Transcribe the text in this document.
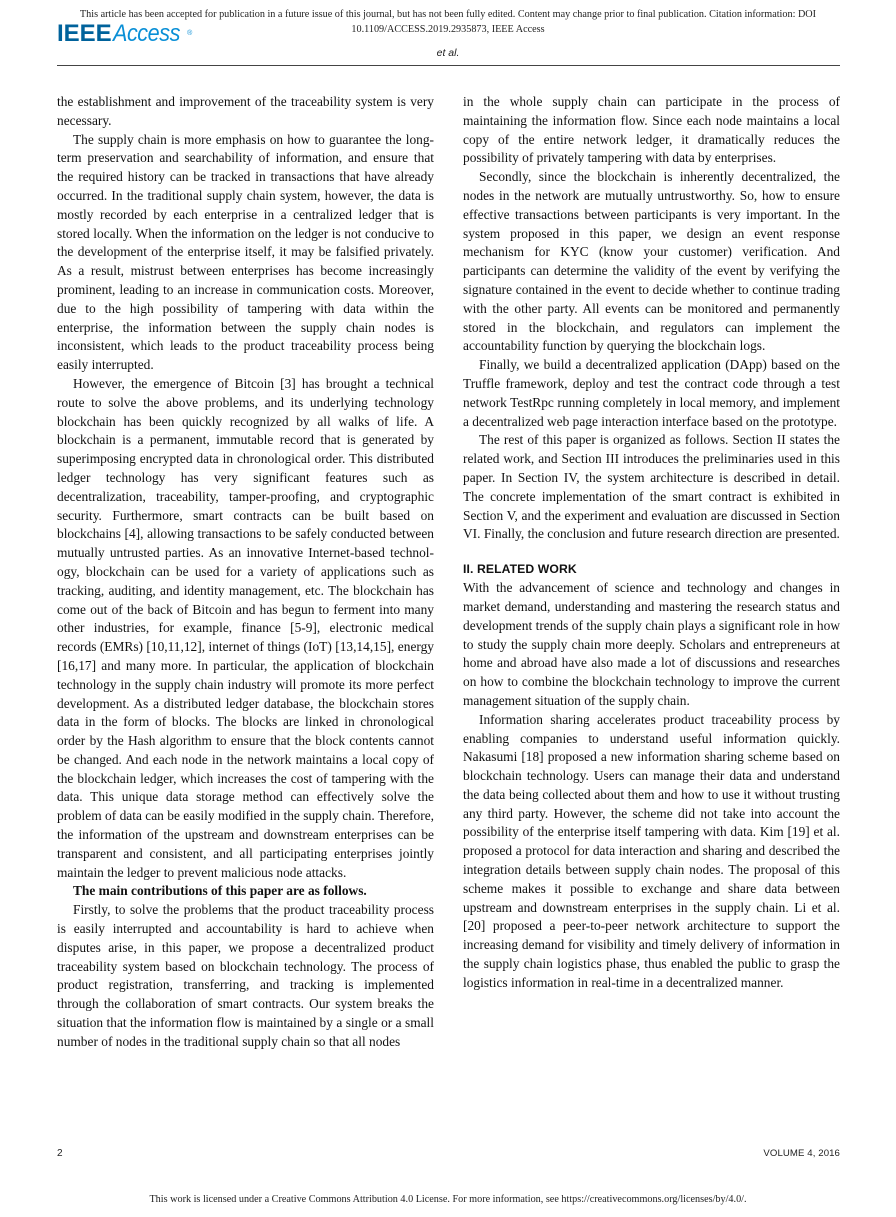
This article has been accepted for publication in a future issue of this journal, but has not been fully edited. Content may change prior to final publication. Citation information: DOI
10.1109/ACCESS.2019.2935873, IEEE Access
IEEEAccess ®
et al.

the establishment and improvement of the traceability system is very necessary.

The supply chain is more emphasis on how to guarantee the long-term preservation and searchability of information, and ensure that the required history can be tracked in transactions that have already occurred. In the traditional supply chain system, however, the data is mostly recorded by each enterprise in a centralized ledger that is stored locally. When the information on the ledger is not conducive to the development of the enterprise itself, it may be falsified privately. As a result, mistrust between enterprises has become increasingly prominent, leading to an increase in communication costs. Moreover, due to the high possibility of tampering with data within the enterprise, the information between the supply chain nodes is inconsistent, which leads to the product traceability process being easily interrupted.

However, the emergence of Bitcoin [3] has brought a technical route to solve the above problems, and its underlying technology blockchain has been quickly recognized by all walks of life. A blockchain is a permanent, immutable record that is generated by superimposing encrypted data in chronological order. This distributed ledger technology has very significant features such as decentralization, traceability, tamper-proofing, and cryptographic security. Furthermore, smart contracts can be built based on blockchains [4], allowing transactions to be safely conducted between mutually untrusted parties. As an innovative Internet-based technology, blockchain can be used for a variety of applications such as tracking, auditing, and identity management, etc. The blockchain has come out of the back of Bitcoin and has begun to ferment into many other industries, for example, finance [5-9], electronic medical records (EMRs) [10,11,12], internet of things (IoT) [13,14,15], energy [16,17] and many more. In particular, the application of blockchain technology in the supply chain industry will promote its more perfect development. As a distributed ledger database, the blockchain stores data in the form of blocks. The blocks are linked in chronological order by the Hash algorithm to ensure that the block contents cannot be changed. And each node in the network maintains a local copy of the blockchain ledger, which increases the cost of tampering with the data. This unique data storage method can effectively solve the problem of data can be easily modified in the supply chain. Therefore, the information of the upstream and downstream enterprises can be transparent and consistent, and all participating enterprises jointly maintain the ledger to prevent malicious node attacks.

The main contributions of this paper are as follows.

Firstly, to solve the problems that the product traceability process is easily interrupted and accountability is hard to achieve when disputes arise, in this paper, we propose a decentralized product traceability system based on blockchain technology. The process of product registration, transferring, and tracking is implemented through the collaboration of smart contracts. Our system breaks the situation that the information flow is maintained by a single or a small number of nodes in the traditional supply chain so that all nodes

in the whole supply chain can participate in the process of maintaining the information flow. Since each node maintains a local copy of the entire network ledger, it dramatically reduces the possibility of privately tampering with data by enterprises.

Secondly, since the blockchain is inherently decentralized, the nodes in the network are mutually untrustworthy. So, how to ensure effective transactions between participants is very important. In the system proposed in this paper, we design an event response mechanism for KYC (know your customer) verification. And participants can determine the validity of the event by verifying the signature contained in the event to decide whether to continue trading with the other party. All events can be monitored and permanently stored in the blockchain, and regulators can implement the accountability function by querying the blockchain logs.

Finally, we build a decentralized application (DApp) based on the Truffle framework, deploy and test the contract code through a test network TestRpc running completely in local memory, and implement a decentralized web page interaction interface based on the prototype.

The rest of this paper is organized as follows. Section II states the related work, and Section III introduces the preliminaries used in this paper. In Section IV, the system architecture is described in detail. The concrete implementation of the smart contract is exhibited in Section V, and the experiment and evaluation are discussed in Section VI. Finally, the conclusion and future research direction are presented.

II. RELATED WORK

With the advancement of science and technology and changes in market demand, understanding and mastering the research status and development trends of the supply chain plays a significant role in how to study the supply chain more deeply. Scholars and entrepreneurs at home and abroad have also made a lot of discussions and researches on how to combine the blockchain technology to improve the current management situation of the supply chain.

Information sharing accelerates product traceability process by enabling companies to understand useful information quickly. Nakasumi [18] proposed a new information sharing scheme based on blockchain technology. Users can manage their data and understand the data being collected about them and how to use it without trusting any third party. However, the scheme did not take into account the possibility of the enterprise itself tampering with data. Kim [19] et al. proposed a protocol for data interaction and sharing and described the integration details between supply chain nodes. The proposal of this scheme makes it possible to exchange and share data between upstream and downstream enterprises in the supply chain. Li et al. [20] proposed a peer-to-peer network architecture to support the increasing demand for visibility and timely delivery of information in the supply chain logistics phase, thus enabled the public to grasp the logistics information in real-time in a decentralized manner.

2	VOLUME 4, 2016
This work is licensed under a Creative Commons Attribution 4.0 License. For more information, see https://creativecommons.org/licenses/by/4.0/.
